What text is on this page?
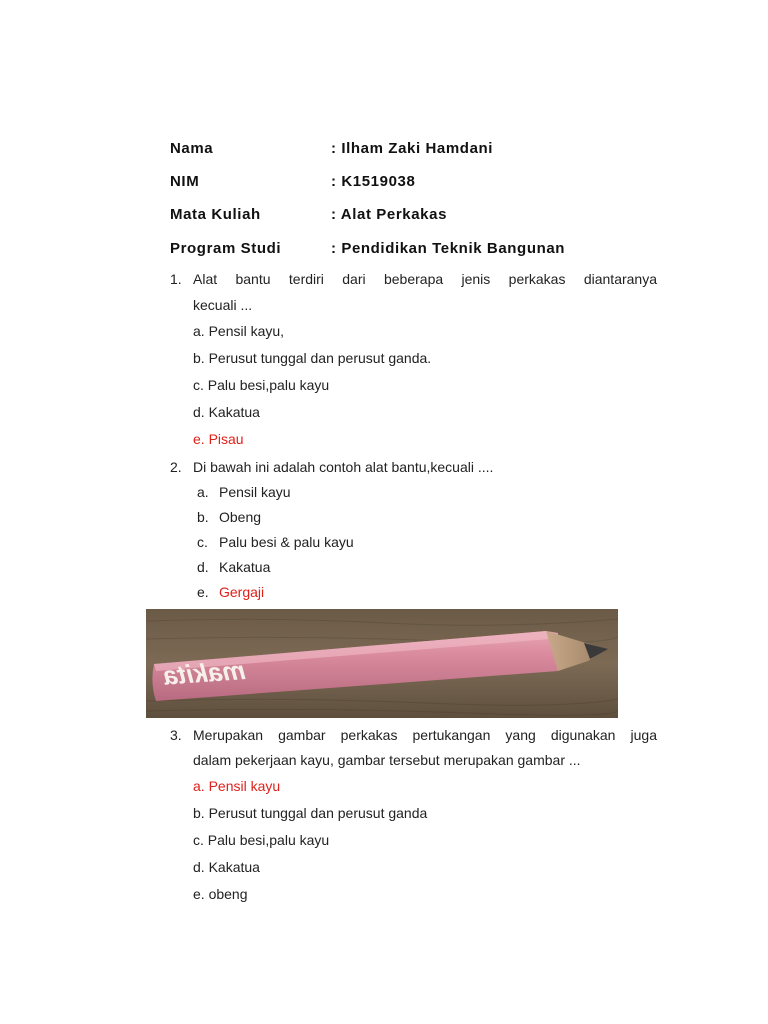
Nama	: Ilham Zaki Hamdani
NIM	: K1519038
Mata Kuliah	: Alat Perkakas
Program Studi	: Pendidikan Teknik Bangunan
1. Alat bantu terdiri dari beberapa jenis perkakas diantaranya
kecuali ...
a. Pensil kayu,
b. Perusut tunggal dan perusut ganda.
c. Palu besi,palu kayu
d. Kakatua
e. Pisau
2. Di bawah ini adalah contoh alat bantu,kecuali ....
a. Pensil kayu
b. Obeng
c. Palu besi & palu kayu
d. Kakatua
e. Gergaji
makita
3. Merupakan gambar perkakas pertukangan yang digunakan juga
dalam pekerjaan kayu, gambar tersebut merupakan gambar ...
a. Pensil kayu
b. Perusut tunggal dan perusut ganda
c. Palu besi,palu kayu
d. Kakatua
e. obeng
